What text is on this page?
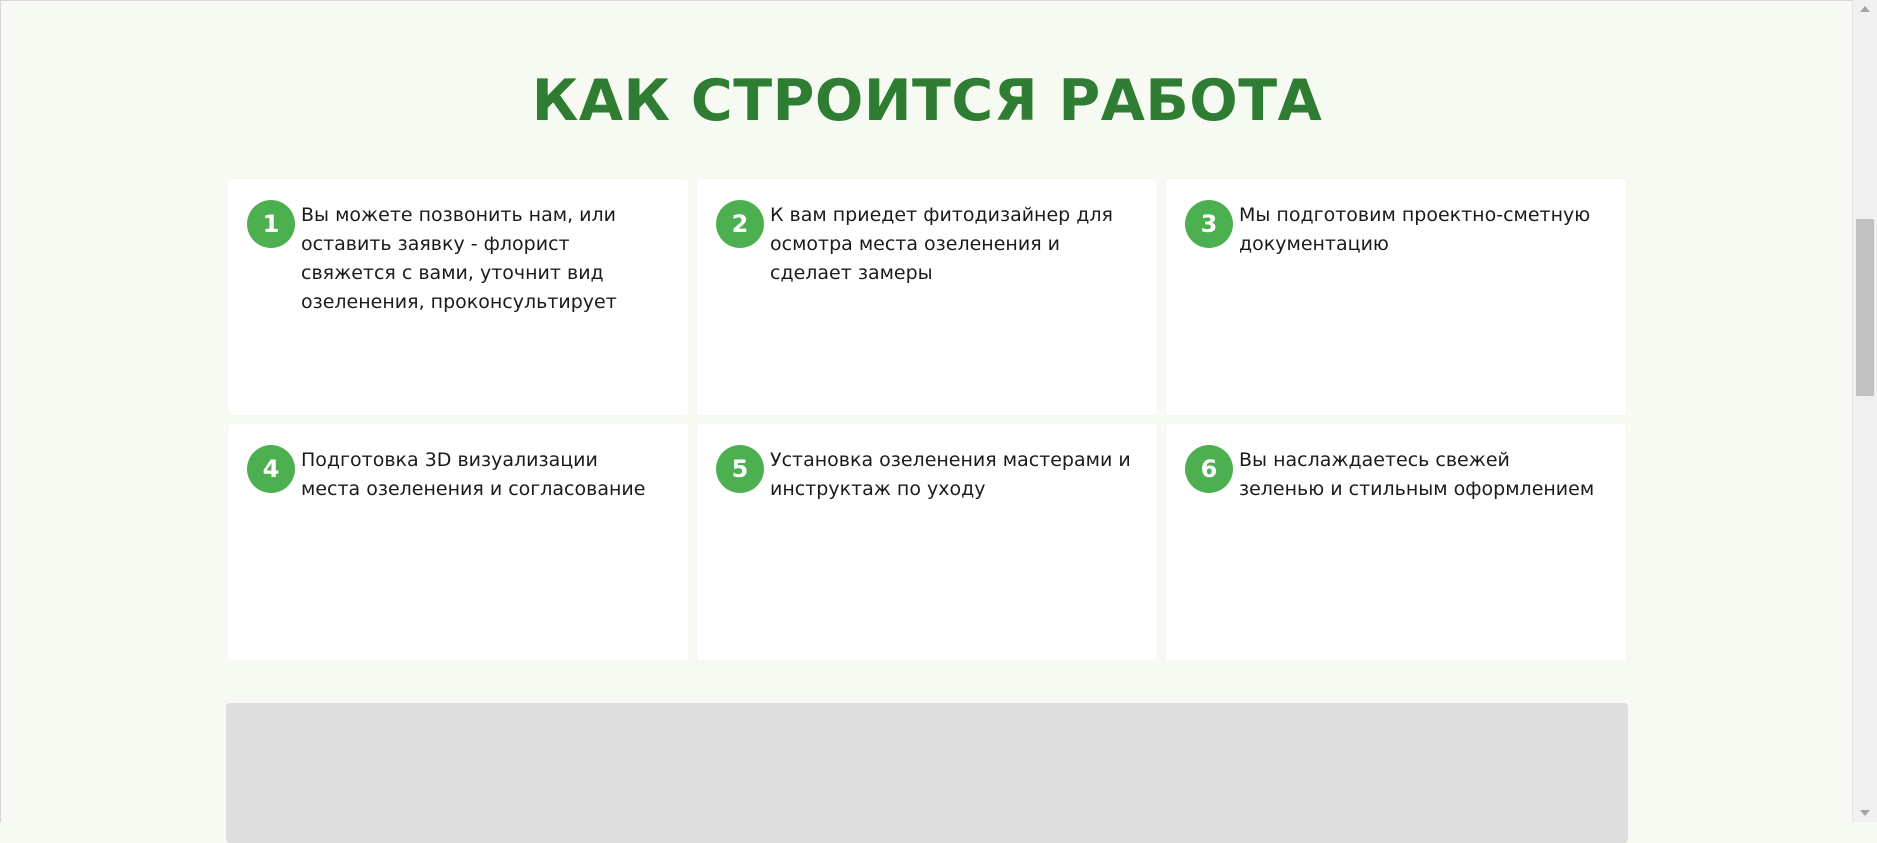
КАК СТРОИТСЯ РАБОТА
1	Вы можете позвонить нам, или оставить заявку - флорист свяжется с вами, уточнит вид озеленения, проконсультирует
2	К вам приедет фитодизайнер для осмотра места озеленения и сделает замеры
3	Мы подготовим проектно-сметную документацию
4	Подготовка 3D визуализации места озеленения и согласование
5	Установка озеленения мастерами и инструктаж по уходу
6	Вы наслаждаетесь свежей зеленью и стильным оформлением
